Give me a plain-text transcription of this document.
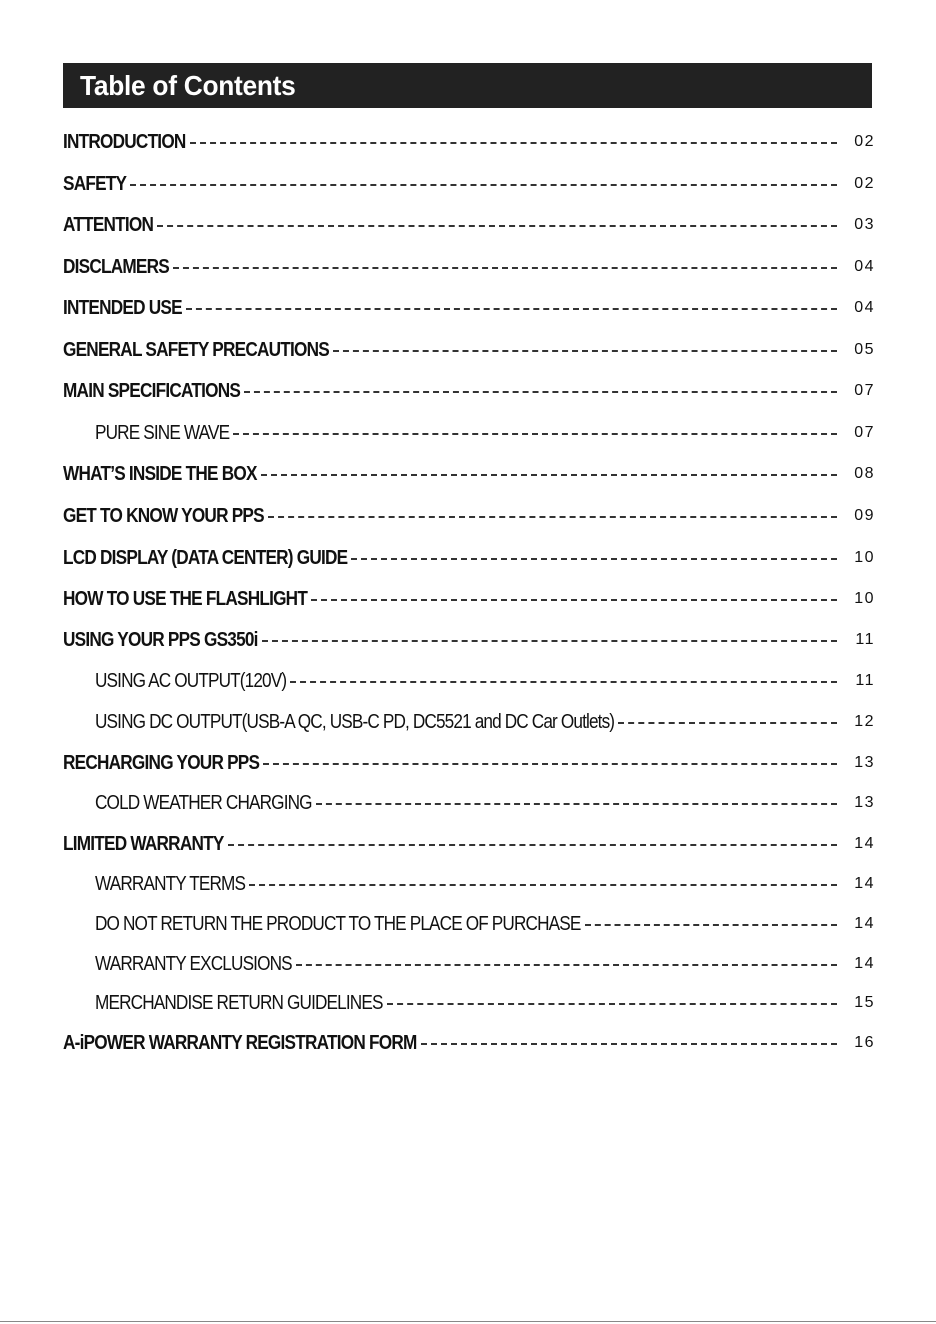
Table of Contents
INTRODUCTION	02
SAFETY	02
ATTENTION	03
DISCLAMERS	04
INTENDED USE	04
GENERAL SAFETY PRECAUTIONS	05
MAIN SPECIFICATIONS	07
PURE SINE WAVE	07
WHAT’S INSIDE THE BOX	08
GET TO KNOW YOUR PPS	09
LCD DISPLAY (DATA CENTER) GUIDE	10
HOW TO USE THE FLASHLIGHT	10
USING YOUR PPS GS350i	11
USING AC OUTPUT(120V)	11
USING DC OUTPUT(USB-A QC, USB-C PD, DC5521 and DC Car Outlets)	12
RECHARGING YOUR PPS	13
COLD WEATHER CHARGING	13
LIMITED WARRANTY	14
WARRANTY TERMS	14
DO NOT RETURN THE PRODUCT TO THE PLACE OF PURCHASE	14
WARRANTY EXCLUSIONS	14
MERCHANDISE RETURN GUIDELINES	15
A-iPOWER WARRANTY REGISTRATION FORM	16
